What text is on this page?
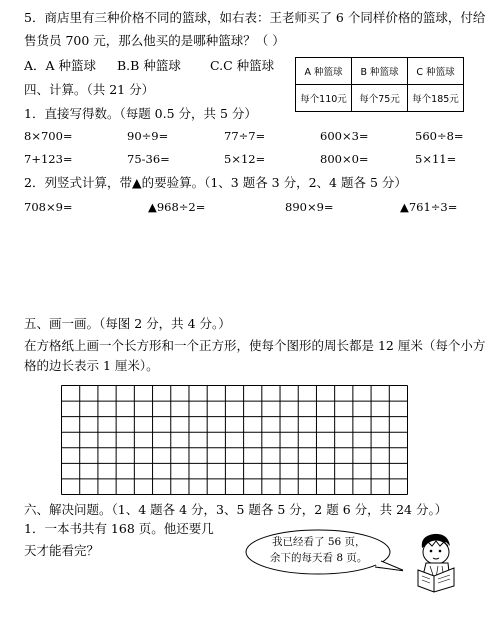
5．商店里有三种价格不同的篮球，如右表：王老师买了 6 个同样价格的篮球，付给
售货员 700 元，那么他买的是哪种篮球？（ ）
A．A 种篮球 B.B 种篮球 C.C 种篮球	A 种篮球	B 种篮球	C 种篮球
每个110元	每个75元	每个185元
四、计算。（共 21 分）
1．直接写得数。（每题 0.5 分，共 5 分）
8×700=	90÷9=	77÷7=	600×3=	560÷8=
7+123=	75-36=	5×12=	800×0=	5×11=
2．列竖式计算，带▲的要验算。（1、3 题各 3 分，2、4 题各 5 分）
708×9=	▲968÷2=	890×9=	▲761÷3=
五、画一画。（每图 2 分，共 4 分。）
在方格纸上画一个长方形和一个正方形，使每个图形的周长都是 12 厘米（每个小方
格的边长表示 1 厘米）。
六、解决问题。（1、4 题各 4 分，3、5 题各 5 分，2 题 6 分，共 24 分。）
1．一本书共有 168 页。他还要几
天才能看完？
我已经看了 56 页，
余下的每天看 8 页。
